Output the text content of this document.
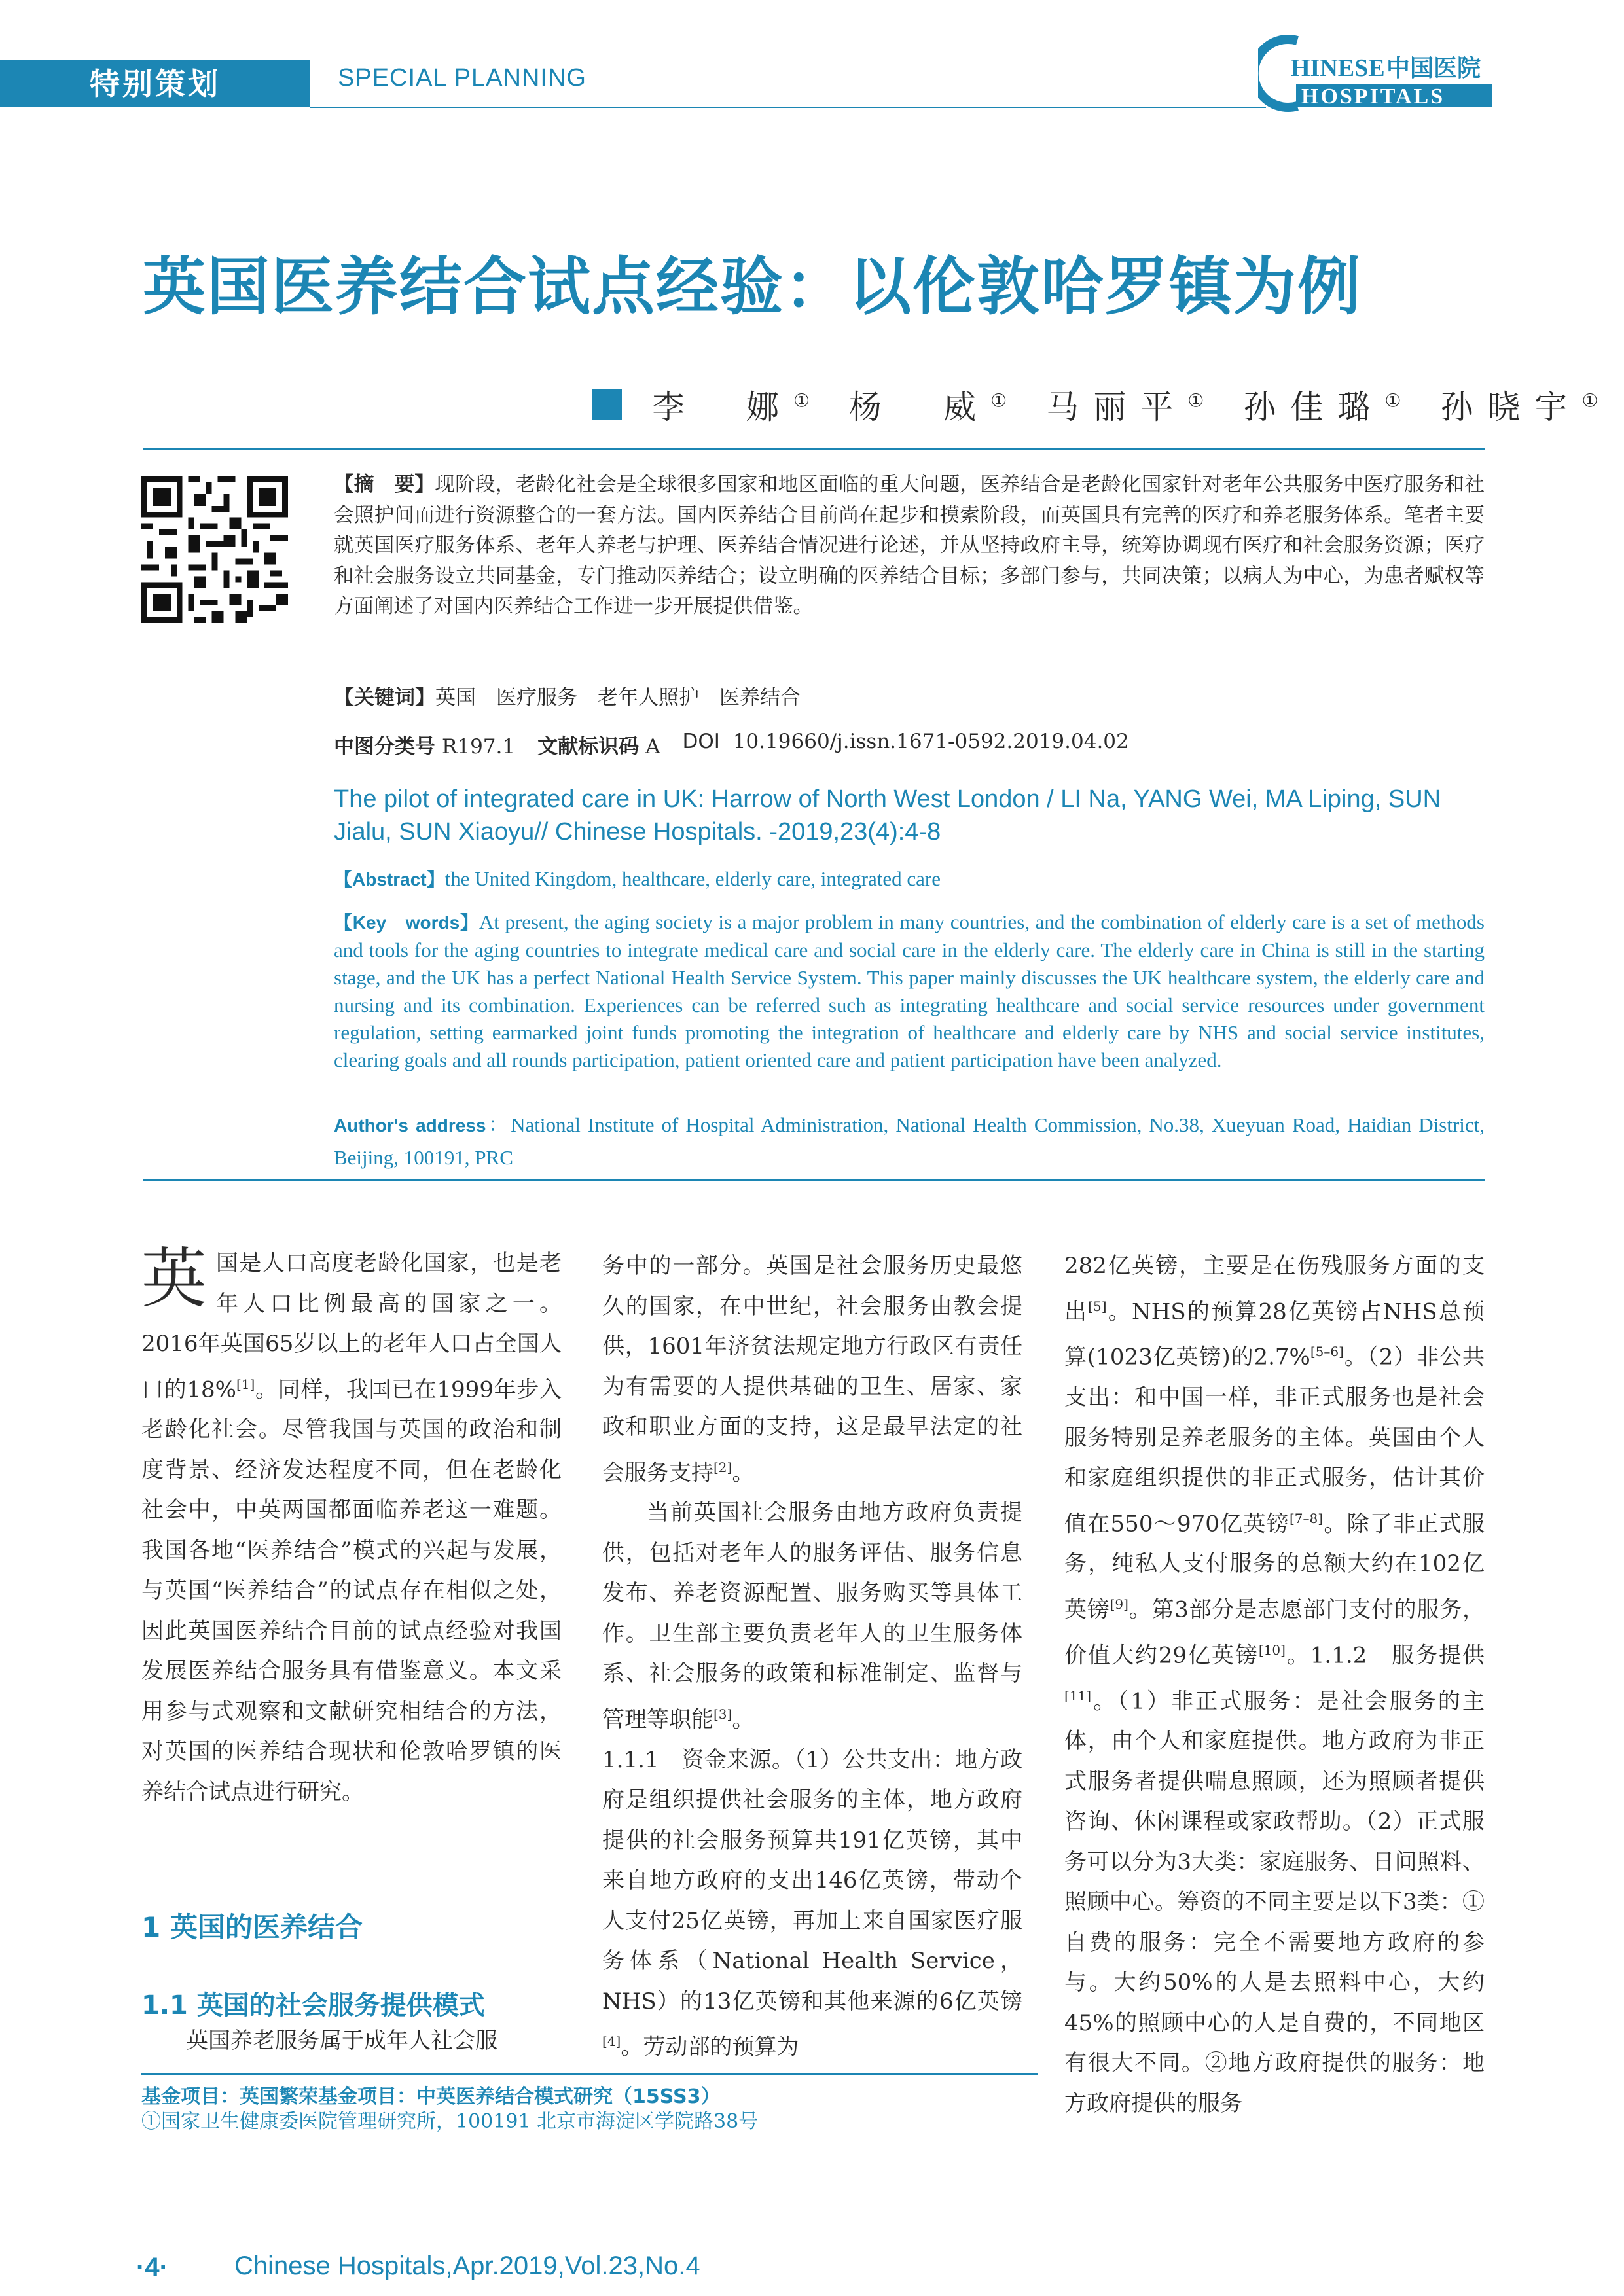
特别策划	SPECIAL PLANNING	HINESE 中国医院
HOSPITALS
英国医养结合试点经验：以伦敦哈罗镇为例
李　娜① 杨　威① 马丽平① 孙佳璐① 孙晓宇①
【摘　要】现阶段，老龄化社会是全球很多国家和地区面临的重大问题，医养结合是老龄化国家针对老年公共服务中医疗服务和社会照护间而进行资源整合的一套方法。国内医养结合目前尚在起步和摸索阶段，而英国具有完善的医疗和养老服务体系。笔者主要就英国医疗服务体系、老年人养老与护理、医养结合情况进行论述，并从坚持政府主导，统筹协调现有医疗和社会服务资源；医疗和社会服务设立共同基金，专门推动医养结合；设立明确的医养结合目标；多部门参与，共同决策；以病人为中心，为患者赋权等方面阐述了对国内医养结合工作进一步开展提供借鉴。
【关键词】英国　医疗服务　老年人照护　医养结合
中图分类号 R197.1 文献标识码 A DOI 10.19660/j.issn.1671-0592.2019.04.02
The pilot of integrated care in UK: Harrow of North West London / LI Na, YANG Wei, MA Liping, SUN Jialu, SUN Xiaoyu// Chinese Hospitals. -2019,23(4):4-8
【Abstract】the United Kingdom, healthcare, elderly care, integrated care
【Key　words】At present, the aging society is a major problem in many countries, and the combination of elderly care is a set of methods and tools for the aging countries to integrate medical care and social care in the elderly care. The elderly care in China is still in the starting stage, and the UK has a perfect National Health Service System. This paper mainly discusses the UK healthcare system, the elderly care and nursing and its combination. Experiences can be referred such as integrating healthcare and social service resources under government regulation, setting earmarked joint funds promoting the integration of healthcare and elderly care by NHS and social service institutes, clearing goals and all rounds participation, patient oriented care and patient participation have been analyzed.
Author's address：National Institute of Hospital Administration, National Health Commission, No.38, Xueyuan Road, Haidian District, Beijing, 100191, PRC

英国是人口高度老龄化国家，也是老年人口比例最高的国家之一。2016年英国65岁以上的老年人口占全国人口的18%[1]。同样，我国已在1999年步入老龄化社会。尽管我国与英国的政治和制度背景、经济发达程度不同，但在老龄化社会中，中英两国都面临养老这一难题。我国各地“医养结合”模式的兴起与发展，与英国“医养结合”的试点存在相似之处，因此英国医养结合目前的试点经验对我国发展医养结合服务具有借鉴意义。本文采用参与式观察和文献研究相结合的方法，对英国的医养结合现状和伦敦哈罗镇的医养结合试点进行研究。

1 英国的医养结合
1.1 英国的社会服务提供模式
英国养老服务属于成年人社会服

务中的一部分。英国是社会服务历史最悠久的国家，在中世纪，社会服务由教会提供，1601年济贫法规定地方行政区有责任为有需要的人提供基础的卫生、居家、家政和职业方面的支持，这是最早法定的社会服务支持[2]。

当前英国社会服务由地方政府负责提供，包括对老年人的服务评估、服务信息发布、养老资源配置、服务购买等具体工作。卫生部主要负责老年人的卫生服务体系、社会服务的政策和标准制定、监督与管理等职能[3]。

1.1.1　资金来源。（1）公共支出：地方政府是组织提供社会服务的主体，地方政府提供的社会服务预算共191亿英镑，其中来自地方政府的支出146亿英镑，带动个人支付25亿英镑，再加上来自国家医疗服务体系（National Health Service，NHS）的13亿英镑和其他来源的6亿英镑[4]。劳动部的预算为

282亿英镑，主要是在伤残服务方面的支出[5]。NHS的预算28亿英镑占NHS总预算(1023亿英镑)的2.7%[5–6]。（2）非公共支出：和中国一样，非正式服务也是社会服务特别是养老服务的主体。英国由个人和家庭组织提供的非正式服务，估计其价值在550～970亿英镑[7–8]。除了非正式服务，纯私人支付服务的总额大约在102亿英镑[9]。第3部分是志愿部门支付的服务，价值大约29亿英镑[10]。1.1.2　服务提供[11]。（1）非正式服务：是社会服务的主体，由个人和家庭提供。地方政府为非正式服务者提供喘息照顾，还为照顾者提供咨询、休闲课程或家政帮助。（2）正式服务可以分为3大类：家庭服务、日间照料、照顾中心。筹资的不同主要是以下3类：①自费的服务：完全不需要地方政府的参与。大约50%的人是去照料中心，大约45%的照顾中心的人是自费的，不同地区有很大不同。②地方政府提供的服务：地方政府提供的服务

基金项目：英国繁荣基金项目：中英医养结合模式研究（15SS3）
①国家卫生健康委医院管理研究所，100191 北京市海淀区学院路38号
·4·	Chinese Hospitals,Apr.2019,Vol.23,No.4
